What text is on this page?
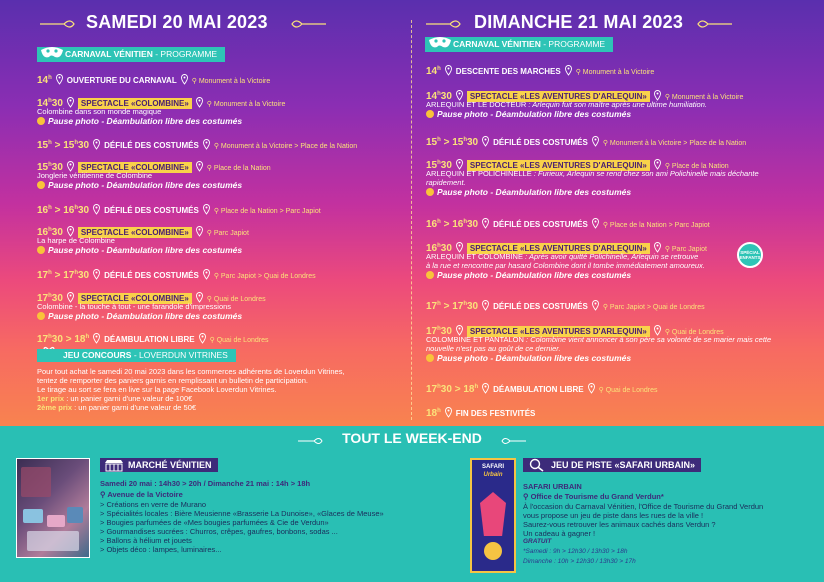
SAMEDI 20 MAI 2023	DIMANCHE 21 MAI 2023
CARNAVAL VÉNITIEN - PROGRAMME
CARNAVAL VÉNITIEN - PROGRAMME
14$^h$ OUVERTURE DU CARNAVAL ⚲ Monument à la Victoire
14$^h$30 SPECTACLE «COLOMBINE»	⚲ Monument à la Victoire
Colombine dans son monde magique
Pause photo - Déambulation libre des costumés
$15^h > 15^h30$ DÉFILÉ DES COSTUMÉS ⚲ Monument à la Victoire > Place de la Nation
15$^h$30 SPECTACLE «COLOMBINE»	⚲ Place de la Nation
Jonglerie vénitienne de Colombine
Pause photo - Déambulation libre des costumés
$16^h > 16^h30$ DÉFILÉ DES COSTUMÉS ⚲ Place de la Nation > Parc Japiot
16$^h$30 SPECTACLE «COLOMBINE»	⚲ Parc Japiot
La harpe de Colombine
Pause photo - Déambulation libre des costumés
$17^h > 17^h30$ DÉFILÉ DES COSTUMÉS ⚲ Parc Japiot > Quai de Londres
17$^h$30 SPECTACLE «COLOMBINE»	⚲ Quai de Londres
Colombine - la touche à tout - une farandole d'impressions
Pause photo - Déambulation libre des costumés
$17^h30 > 18^h$ DÉAMBULATION LIBRE ⚲ Quai de Londres
14$^h$ DESCENTE DES MARCHES ⚲ Monument à la Victoire
14$^h$30 SPECTACLE «LES AVENTURES D'ARLEQUIN»	⚲ Monument à la Victoire
ARLEQUIN ET LE DOCTEUR : Arlequin fuit son maître après une ultime humiliation.
Pause photo - Déambulation libre des costumés
$15^h > 15^h30$ DÉFILÉ DES COSTUMÉS ⚲ Monument à la Victoire > Place de la Nation
15$^h$30 SPECTACLE «LES AVENTURES D'ARLEQUIN»	⚲ Place de la Nation
ARLEQUIN ET POLICHINELLE : Furieux, Arlequin se rend chez son ami Polichinelle mais déchante
rapidement.
Pause photo - Déambulation libre des costumés
$16^h > 16^h30$ DÉFILÉ DES COSTUMÉS ⚲ Place de la Nation > Parc Japiot
16$^h$30 SPECTACLE «LES AVENTURES D'ARLEQUIN»	⚲ Parc Japiot
ARLEQUIN ET COLOMBINE : Après avoir quitté Polichinelle, Arlequin se retrouve
à la rue et rencontre par hasard Colombine dont il tombe immédiatement amoureux.
Pause photo - Déambulation libre des costumés
$17^h > 17^h30$ DÉFILÉ DES COSTUMÉS ⚲ Parc Japiot > Quai de Londres
17$^h$30 SPECTACLE «LES AVENTURES D'ARLEQUIN»	⚲ Quai de Londres
COLOMBINE ET PANTALON : Colombine vient annoncer à son père sa volonté de se marier mais cette
nouvelle n'est pas au goût de ce dernier.
Pause photo - Déambulation libre des costumés
$17^h30 > 18^h$ DÉAMBULATION LIBRE ⚲ Quai de Londres
18$^h$ FIN DES FESTIVITÉS
JEU CONCOURS - LOVERDUN VITRINES
Pour tout achat le samedi 20 mai 2023 dans les commerces adhérents de Loverdun Vitrines,
tentez de remporter des paniers garnis en remplissant un bulletin de participation.
Le tirage au sort se fera en live sur la page Facebook Loverdun Vitrines.
1er prix : un panier garni d'une valeur de 100€
2ème prix : un panier garni d'une valeur de 50€
SPÉCIAL ENFANTS
TOUT LE WEEK-END
MARCHÉ VÉNITIEN
Samedi 20 mai : 14h30 > 20h / Dimanche 21 mai : 14h > 18h
⚲ Avenue de la Victoire
> Créations en verre de Murano
> Spécialités locales : Bière Meusienne «Brasserie La Dunoise», «Glaces de Meuse»
> Bougies parfumées de «Mes bougies parfumées & Cie de Verdun»
> Gourmandises sucrées : Churros, crêpes, gaufres, bonbons, sodas ...
> Ballons à hélium et jouets
> Objets déco : lampes, luminaires...
SAFARI
Urbain
JEU DE PISTE «SAFARI URBAIN»
SAFARI URBAIN
⚲ Office de Tourisme du Grand Verdun*
À l'occasion du Carnaval Vénitien, l'Office de Tourisme du Grand Verdun
vous propose un jeu de piste dans les rues de la ville !
Saurez-vous retrouver les animaux cachés dans Verdun ?
Un cadeau à gagner !
GRATUIT
*Samedi : 9h > 12h30 / 13h30 > 18h
Dimanche : 10h > 12h30 / 13h30 > 17h
